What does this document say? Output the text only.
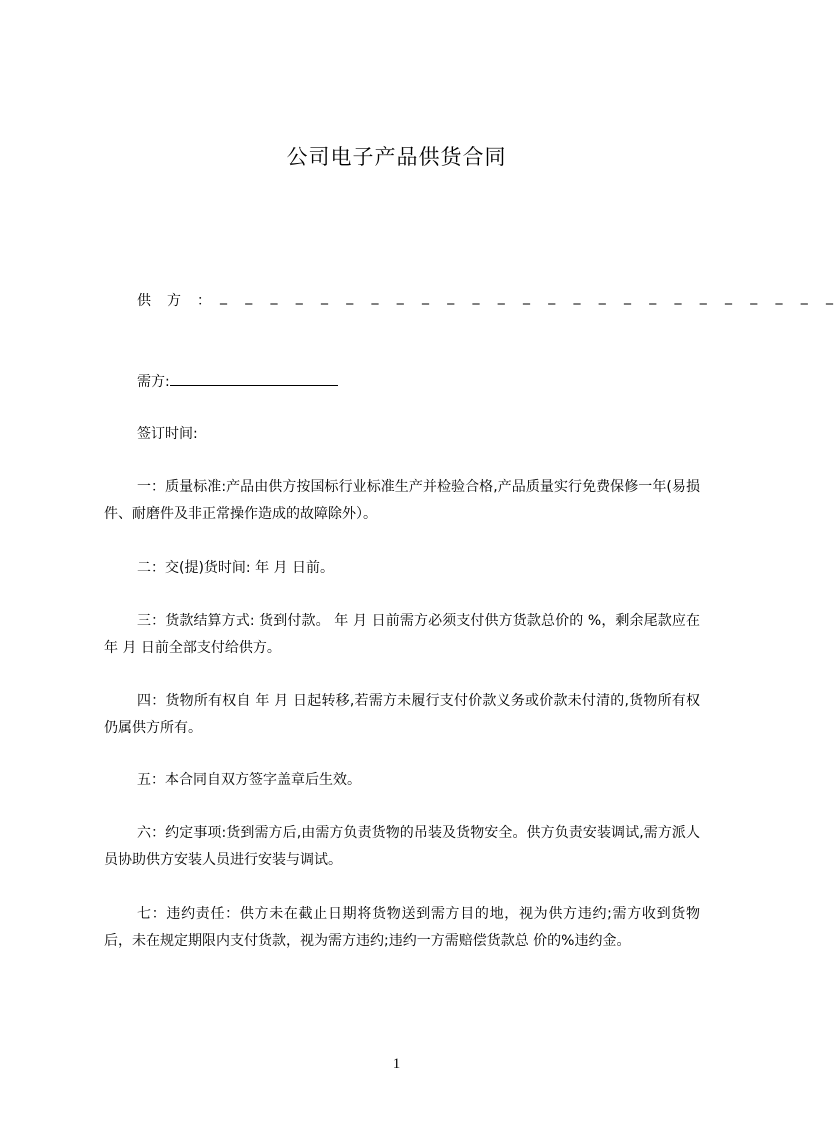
公司电子产品供货合同
供方：
_ _ _ _ _ _ _ _ _ _ _ _ _ _ _ _ _ _ _ _ _ _ _ _ _
需方:
签订时间:
一：质量标准:产品由供方按国标行业标准生产并检验合格,产品质量实行免费保修一年(易损件、耐磨件及非正常操作造成的故障除外）。
二：交(提)货时间: 年 月 日前。
三：货款结算方式: 货到付款。 年 月 日前需方必须支付供方货款总价的 %，剩余尾款应在 年 月 日前全部支付给供方。
四：货物所有权自 年 月 日起转移,若需方未履行支付价款义务或价款未付清的,货物所有权仍属供方所有。
五：本合同自双方签字盖章后生效。
六：约定事项:货到需方后,由需方负责货物的吊装及货物安全。供方负责安装调试,需方派人员协助供方安装人员进行安装与调试。
七：违约责任：供方未在截止日期将货物送到需方目的地，视为供方违约;需方收到货物后，未在规定期限内支付货款，视为需方违约;违约一方需赔偿货款总 价的%违约金。
1
